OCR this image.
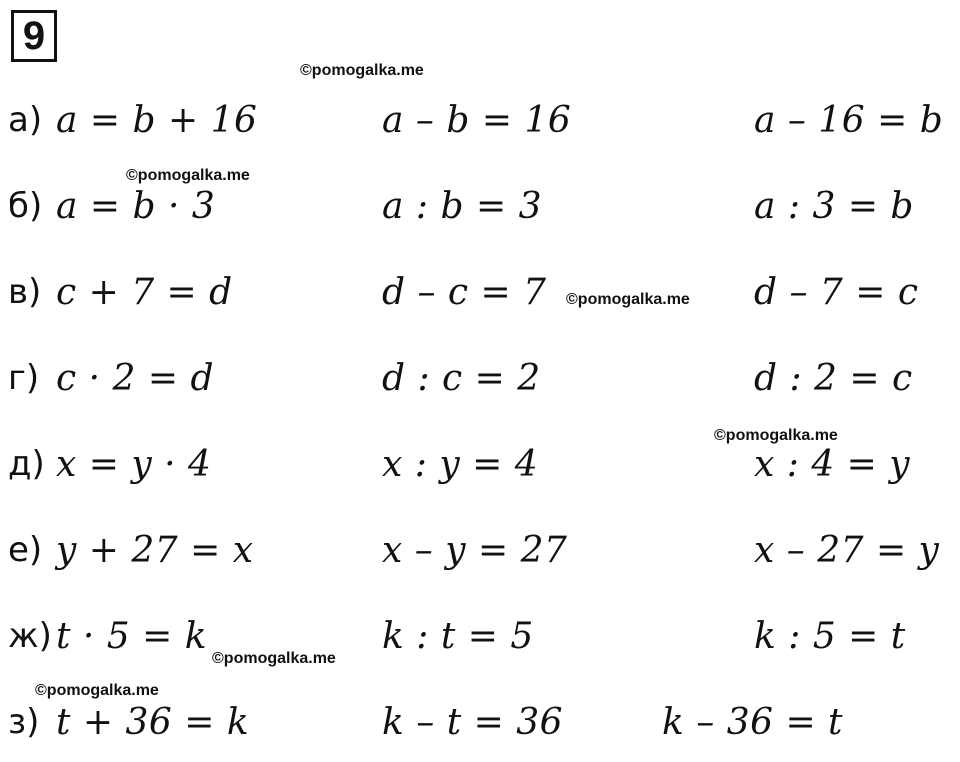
9
©pomogalka.me
©pomogalka.me
©pomogalka.me
©pomogalka.me
©pomogalka.me
©pomogalka.me
а) a = b + 16	a – b = 16	a – 16 = b
б) a = b · 3	a : b = 3	a : 3 = b
в) c + 7 = d	d – c = 7	d – 7 = c
г) c · 2 = d	d : c = 2	d : 2 = c
д) x = y · 4	x : y = 4	x : 4 = y
е) y + 27 = x	x – y = 27	x – 27 = y
ж) t · 5 = k	k : t = 5	k : 5 = t
з) t + 36 = k	k – t = 36	k – 36 = t
